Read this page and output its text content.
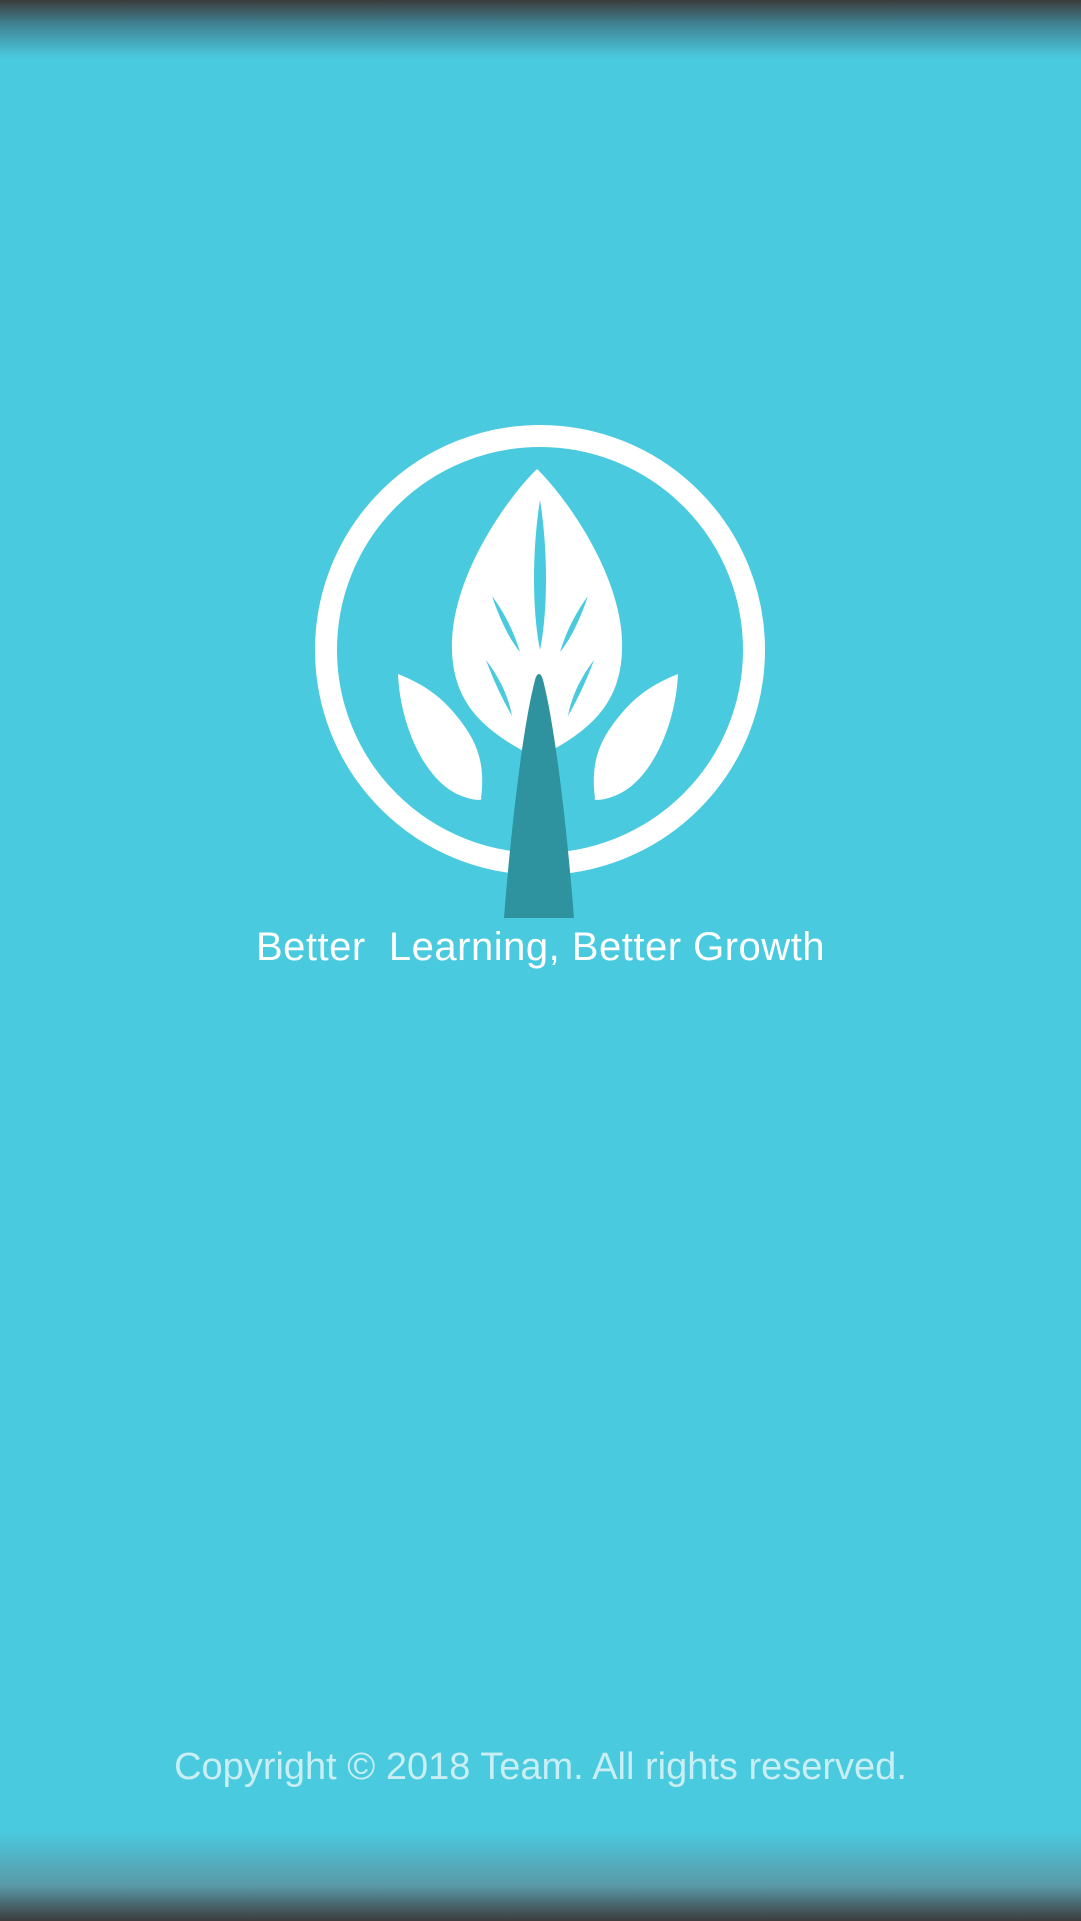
Better  Learning, Better Growth
Copyright © 2018 Team. All rights reserved.
